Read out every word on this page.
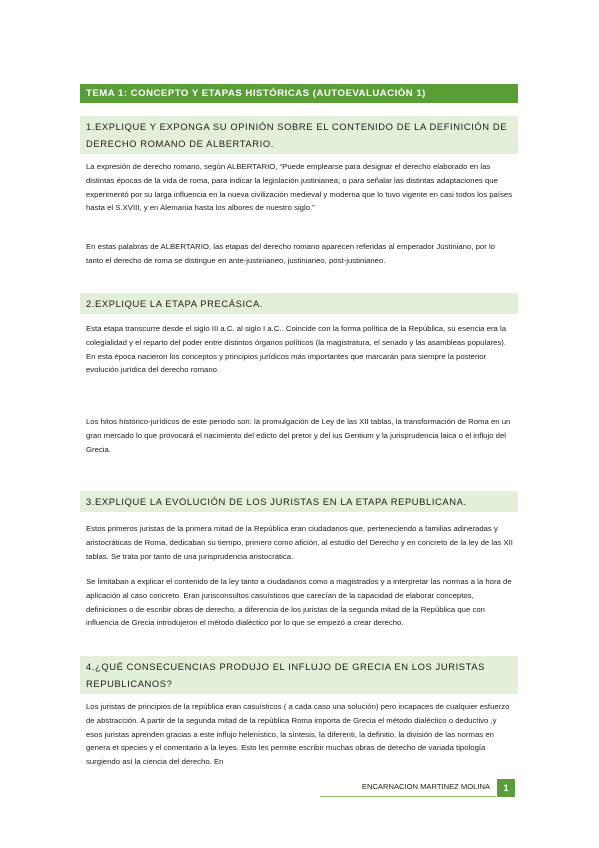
TEMA 1: CONCEPTO Y ETAPAS HISTÓRICAS (AUTOEVALUACIÓN 1)
1.EXPLIQUE Y EXPONGA SU OPINIÓN SOBRE EL CONTENIDO DE LA DEFINICIÓN DE DERECHO ROMANO DE ALBERTARIO.

La expresión de derecho romano, según ALBERTARIO, “Puede emplearse para designar el derecho elaborado en las distintas épocas de la vida de roma, para indicar la legislación justinianea; o para señalar las distintas adaptaciones que experimentó por su larga influencia en la nueva civilización medieval y moderna que lo tuvo vigente en casi todos los países hasta el S.XVIII, y en Alemania hasta los albores de nuestro siglo.”

En estas palabras de ALBERTARIO, las etapas del derecho romano aparecen referidas al emperador Justiniano, por lo tanto el derecho de roma se distingue en ante-justinianeo, justinianeo, post-justinianeo.

2.EXPLIQUE LA ETAPA PRECÁSICA.

Esta etapa transcurre desde el siglo III a.C. al siglo I a.C.. Coincide con la forma política de la República, su esencia era la colegialidad y el reparto del poder entre distintos órganos políticos (la magistratura, el senado y las asambleas populares). En esta época nacieron los conceptos y principios jurídicos más importantes que marcarán para siempre la posterior evolución jurídica del derecho romano.

Los hitos histórico-jurídicos de este periodo son: la promulgación de Ley de las XII tablas, la transformación de Roma en un gran mercado lo que provocará el nacimiento del edicto del pretor y del ius Gentium y la jurisprudencia laica o el influjo del Grecia.

3.EXPLIQUE LA EVOLUCIÓN DE LOS JURISTAS EN LA ETAPA REPUBLICANA.

Estos primeros juristas de la primera mitad de la República eran ciudadanos que, perteneciendo a familias adineradas y aristocráticas de Roma, dedicaban su tiempo, primero como afición, al estudio del Derecho y en concreto de la ley de las XII tablas. Se trata por tanto de una jurisprudencia aristocrática.

Se limitaban a explicar el contenido de la ley tanto a ciudadanos como a magistrados y a interpretar las normas a la hora de aplicación al caso concreto. Eran jurisconsultos casuísticos que carecían de la capacidad de elaborar conceptos, definiciones o de escribir obras de derecho, a diferencia de los juristas de la segunda mitad de la República que con influencia de Grecia introdujeron el método dialéctico por lo que se empezó a crear derecho.

4.¿QUÉ CONSECUENCIAS PRODUJO EL INFLUJO DE GRECIA EN LOS JURISTAS REPUBLICANOS?

Los juristas de principios de la república eran casuísticos ( a cada caso una solución) pero incapaces de cualquier esfuerzo de abstracción. A partir de la segunda mitad de la república Roma importa de Grecia el método dialéctico o deductivo ,y esos juristas aprenden gracias a este influjo helenístico, la síntesis, la diferenti, la definitio, la división de las normas en genera et species y el comentario a la leyes. Esto les permite escribir muchas obras de derecho de variada tipología surgiendo así la ciencia del derecho. En

ENCARNACION MARTINEZ MOLINA	1
